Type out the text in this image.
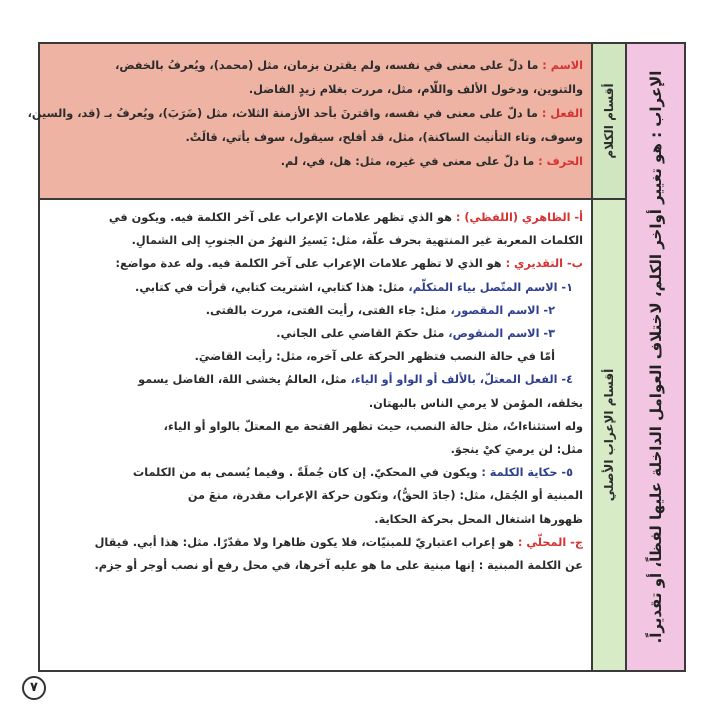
الاسم : ما دلّ على معنى في نفسه، ولم يقترن بزمان، مثل (محمد)، ويُعرفُ بالخفض،
والتنوين، ودخول الألف واللّام، مثل، مررت بغلام زيدٍ الفاضل.
الفعل : ما دلّ على معنى في نفسه، واقترنَ بأحد الأزمنة الثلاث، مثل (ضَرَبَ)، ويُعرفُ بـ (قد، والسين،
وسوف، وتاء التأنيث الساكنة)، مثل، قد أفلح، سيقول، سوف يأتي، قالَتْ.
الحرف : ما دلّ على معنى في غيره، مثل: هل، في، لم.
أ- الظاهري (اللفظي) : هو الذي تظهر علامات الإعراب على آخر الكلمة فيه. ويكون في
الكلمات المعربة غير المنتهية بحرف علّة، مثل: يَسيرُ النهرُ من الجنوبِ إلى الشمالِ.
ب- التقديري : هو الذي لا تظهر علامات الإعراب على آخر الكلمة فيه. وله عدة مواضع:
١- الاسم المتّصل بياء المتكلّم، مثل: هذا كتابي، اشتريت كتابي، قرأت في كتابي.
٢- الاسم المقصور، مثل: جاء الفتى، رأيت الفتى، مررت بالفتى.
٣- الاسم المنقوص، مثل حكمَ القاضي على الجاني.
أمّا في حالة النصب فتظهر الحركة على آخره، مثل: رأيت القاضيَ.
٤- الفعل المعتلّ، بالألف أو الواو أو الياء، مثل، العالمُ يخشى اللهَ، الفاضل يسمو
بخلقه، المؤمن لا يرمي الناس بالبهتان.
وله استثناءاتٌ، مثل حالة النصب، حيث تظهر الفتحة مع المعتلّ بالواو أو الياء،
مثل: لن يرميَ كيْ ينجوَ.
٥- حكاية الكلمة : ويكون في المحكيّ. إن كان جُملَةً . وفيما يُسمى به من الكلمات
المبنية أو الجُمَل، مثل: (جادَ الحقُّ)، وتكون حركة الإعراب مقدرة، منعَ من
ظهورها اشتغال المحل بحركة الحكاية.
ج- المحلّي : هو إعراب اعتباريّ للمبنيّات، فلا يكون ظاهرا ولا مقدّرًا. مثل: هذا أبي. فيقال
عن الكلمة المبنية : إنها مبنية على ما هو عليه آخرها، في محل رفع أو نصب أوجر أو جزم.
أقسام الكلام
أقسام الإعراب الأصلي الإعراب : هو تغيير أواخر الكلم، لاختلاف العوامل الداخلة عليها لفظاً، أو تقديراً.
٧
